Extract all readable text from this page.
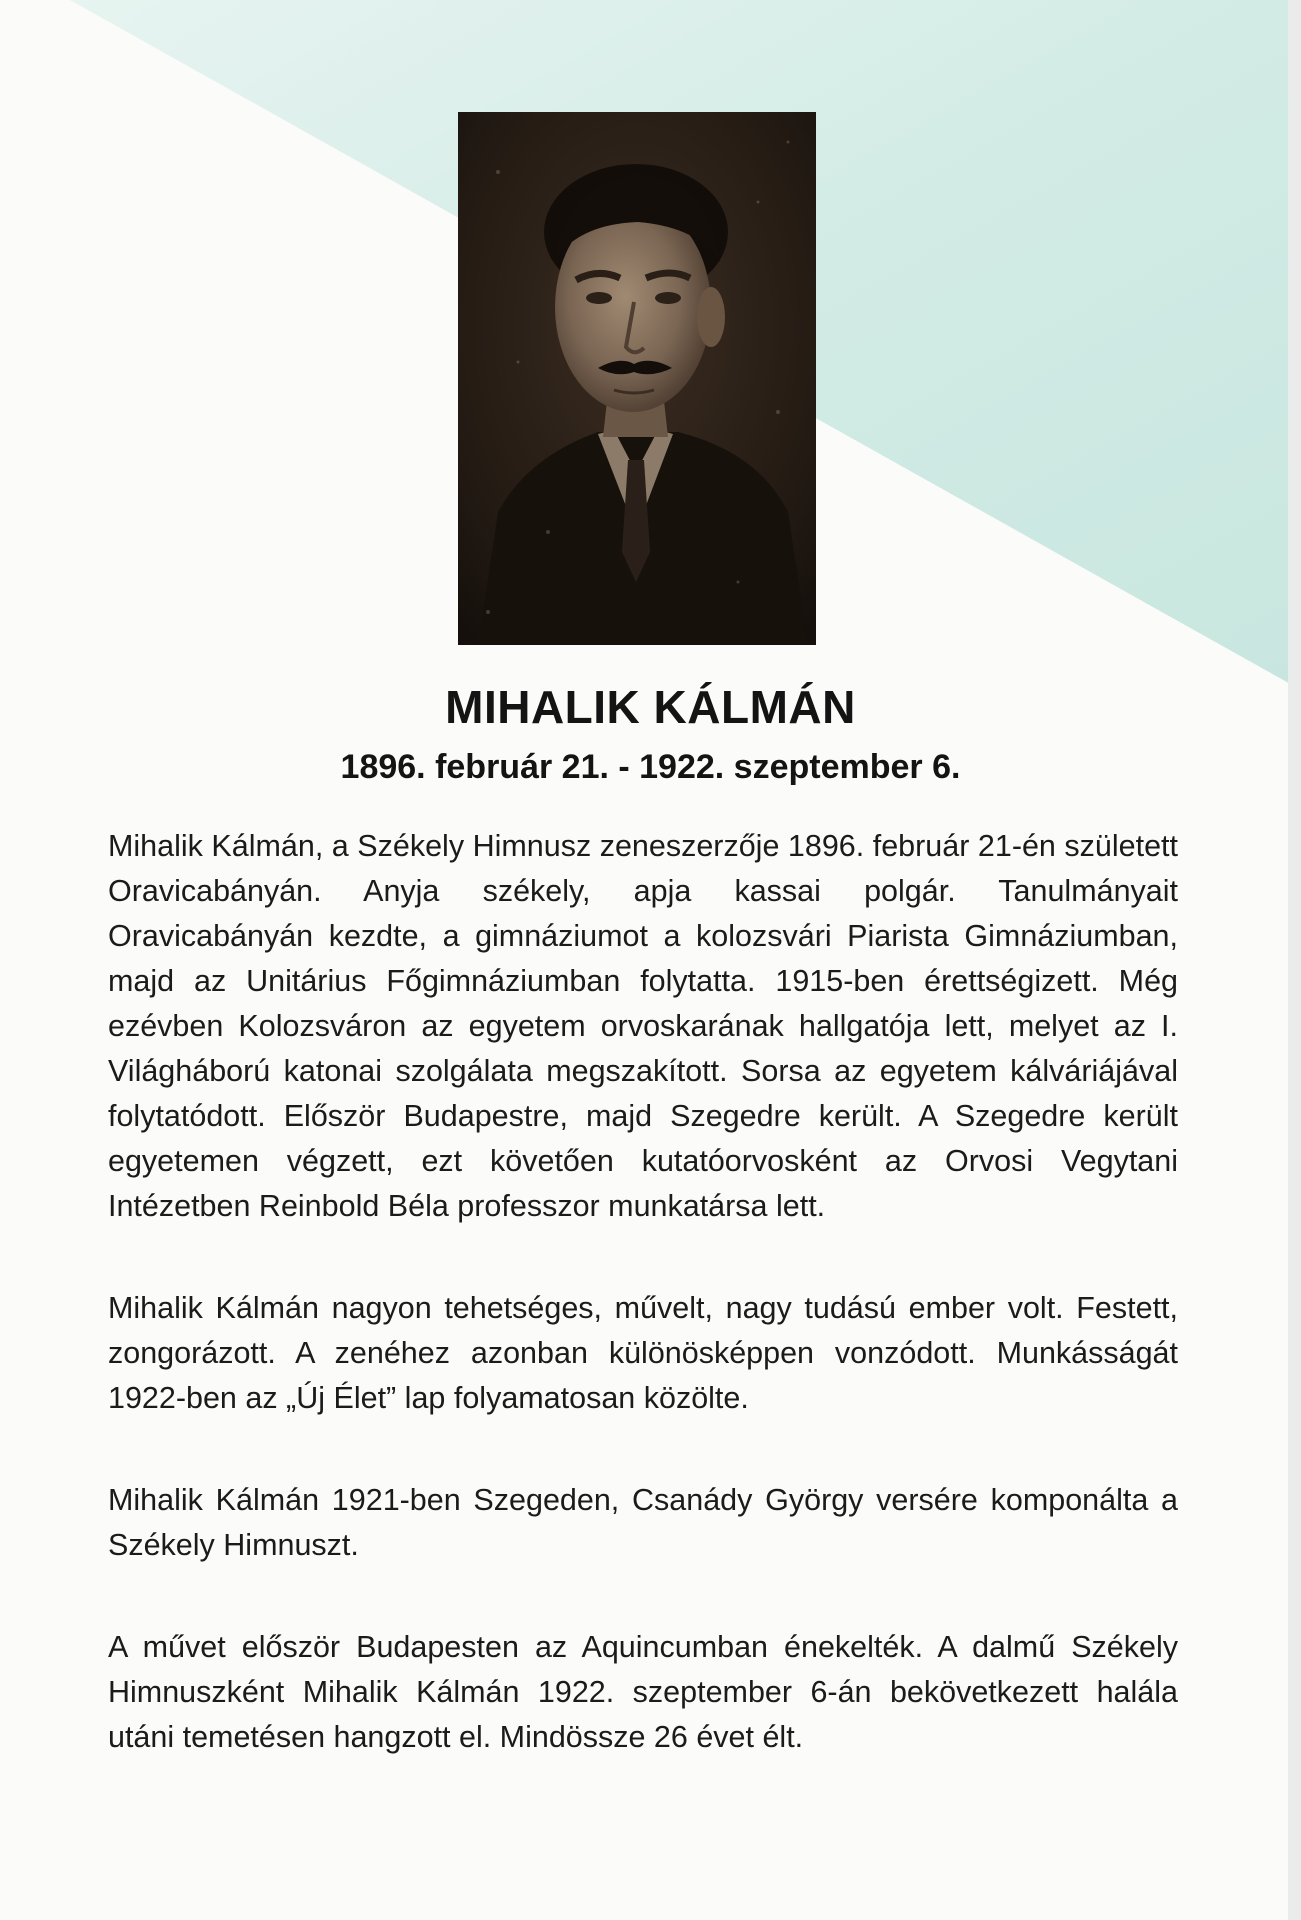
MIHALIK KÁLMÁN

1896. február 21. - 1922. szeptember 6.

Mihalik Kálmán, a Székely Himnusz zeneszerzője 1896. február 21-én született Oravicabányán. Anyja székely, apja kassai polgár. Tanulmányait Oravicabányán kezdte, a gimnáziumot a kolozsvári Piarista Gimnáziumban, majd az Unitárius Főgimnáziumban folytatta. 1915-ben érettségizett. Még ezévben Kolozsváron az egyetem orvoskarának hallgatója lett, melyet az I. Világháború katonai szolgálata megszakított. Sorsa az egyetem kálváriájával folytatódott. Először Budapestre, majd Szegedre került. A Szegedre került egyetemen végzett, ezt követően kutatóorvosként az Orvosi Vegytani Intézetben Reinbold Béla professzor munkatársa lett.

Mihalik Kálmán nagyon tehetséges, művelt, nagy tudású ember volt. Festett, zongorázott. A zenéhez azonban különösképpen vonzódott. Munkásságát 1922-ben az „Új Élet” lap folyamatosan közölte.

Mihalik Kálmán 1921-ben Szegeden, Csanády György versére komponálta a Székely Himnuszt.

A művet először Budapesten az Aquincumban énekelték. A dalmű Székely Himnuszként Mihalik Kálmán 1922. szeptember 6-án bekövetkezett halála utáni temetésen hangzott el. Mindössze 26 évet élt.
